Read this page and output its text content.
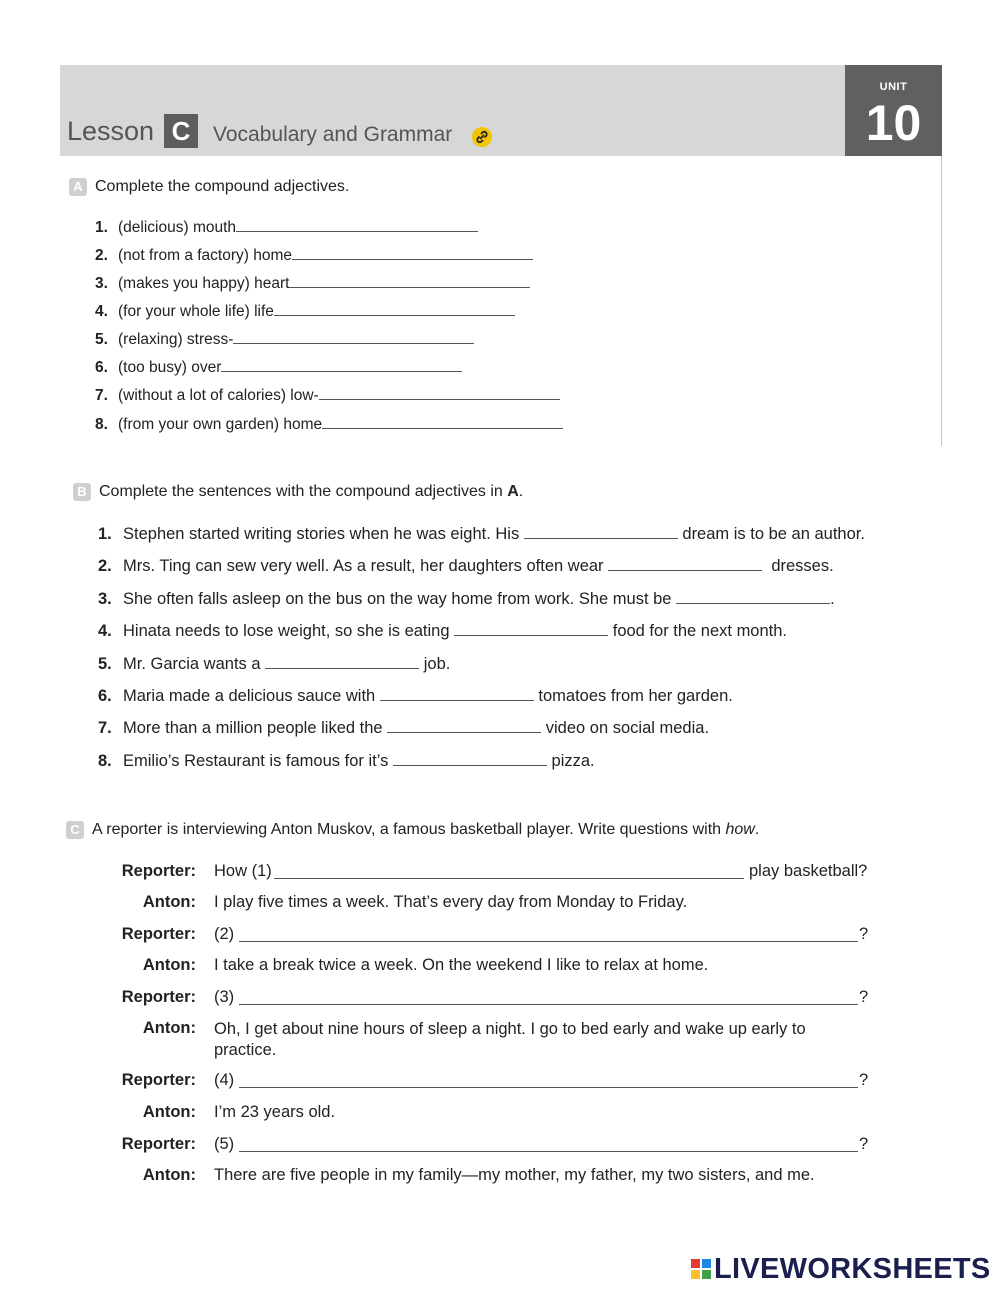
Lesson C	Vocabulary and Grammar
UNIT
10
A Complete the compound adjectives.
1. (delicious) mouth
2. (not from a factory) home
3. (makes you happy) heart
4. (for your whole life) life
5. (relaxing) stress-
6. (too busy) over
7. (without a lot of calories) low-
8. (from your own garden) home
B Complete the sentences with the compound adjectives in A.
1. Stephen started writing stories when he was eight. His	dream is to be an author.
2. Mrs. Ting can sew very well. As a result, her daughters often wear	dresses.
3. She often falls asleep on the bus on the way home from work. She must be	.
4. Hinata needs to lose weight, so she is eating	food for the next month.
5. Mr. Garcia wants a	job.
6. Maria made a delicious sauce with	tomatoes from her garden.
7. More than a million people liked the	video on social media.
8. Emilio’s Restaurant is famous for it’s	pizza.
C A reporter is interviewing Anton Muskov, a famous basketball player. Write questions with how.
Reporter: How (1)	play basketball?
Anton: I play five times a week. That’s every day from Monday to Friday.
Reporter: (2)	?
Anton: I take a break twice a week. On the weekend I like to relax at home.
Reporter: (3)	?
Anton: Oh, I get about nine hours of sleep a night. I go to bed early and wake up early to practice.
Reporter: (4)	?
Anton: I’m 23 years old.
Reporter: (5)	?
Anton: There are five people in my family—my mother, my father, my two sisters, and me.
LIVEWORKSHEETS
